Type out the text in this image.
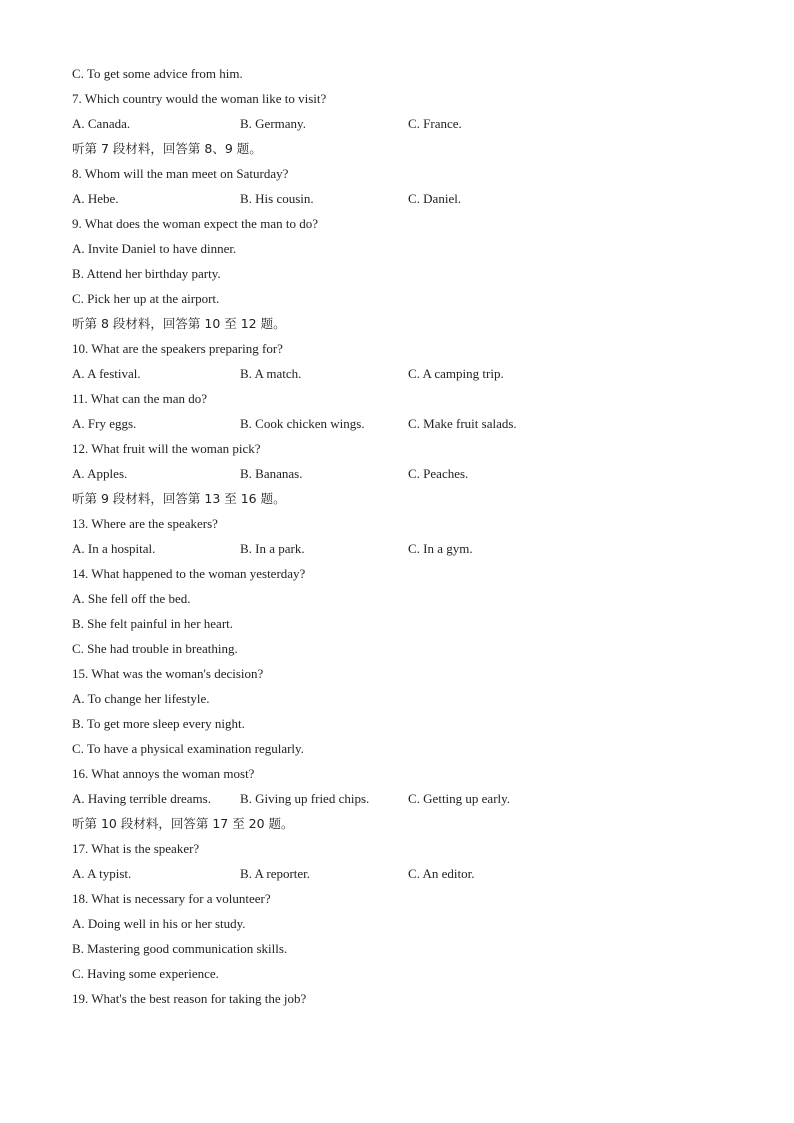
C. To get some advice from him.
7. Which country would the woman like to visit?
A. Canada.	B. Germany.	C. France.
听第 7 段材料，回答第 8、9 题。
8. Whom will the man meet on Saturday?
A. Hebe.	B. His cousin.	C. Daniel.
9. What does the woman expect the man to do?
A. Invite Daniel to have dinner.
B. Attend her birthday party.
C. Pick her up at the airport.
听第 8 段材料，回答第 10 至 12 题。
10. What are the speakers preparing for?
A. A festival.	B. A match.	C. A camping trip.
11. What can the man do?
A. Fry eggs.	B. Cook chicken wings.	C. Make fruit salads.
12. What fruit will the woman pick?
A. Apples.	B. Bananas.	C. Peaches.
听第 9 段材料，回答第 13 至 16 题。
13. Where are the speakers?
A. In a hospital.	B. In a park.	C. In a gym.
14. What happened to the woman yesterday?
A. She fell off the bed.
B. She felt painful in her heart.
C. She had trouble in breathing.
15. What was the woman's decision?
A. To change her lifestyle.
B. To get more sleep every night.
C. To have a physical examination regularly.
16. What annoys the woman most?
A. Having terrible dreams. B. Giving up fried chips.	C. Getting up early.
听第 10 段材料，回答第 17 至 20 题。
17. What is the speaker?
A. A typist.	B. A reporter.	C. An editor.
18. What is necessary for a volunteer?
A. Doing well in his or her study.
B. Mastering good communication skills.
C. Having some experience.
19. What's the best reason for taking the job?
